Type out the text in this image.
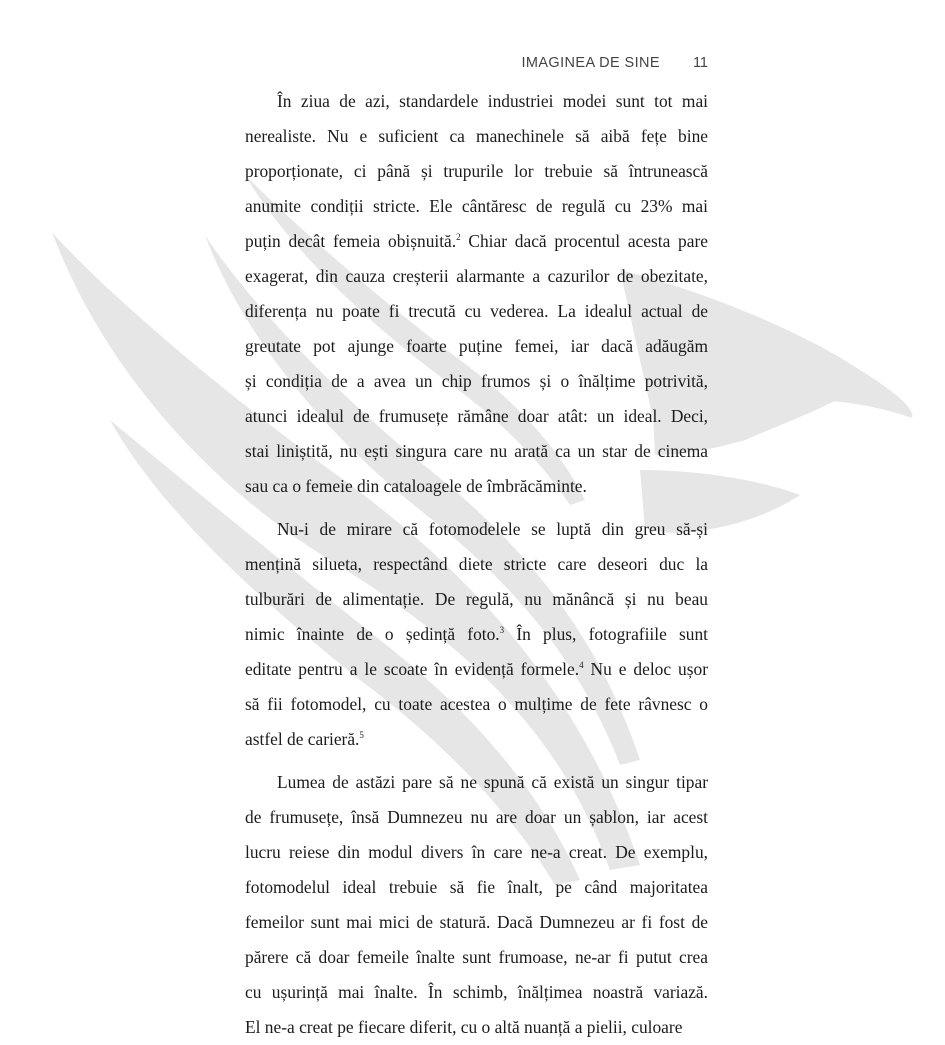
IMAGINEA DE SINE 11

În ziua de azi, standardele industriei modei sunt tot mai
nerealiste. Nu e suficient ca manechinele să aibă fețe bine
proporționate, ci până și trupurile lor trebuie să întrunească
anumite condiții stricte. Ele cântăresc de regulă cu 23% mai
puțin decât femeia obișnuită.$^2$ Chiar dacă procentul acesta pare
exagerat, din cauza creșterii alarmante a cazurilor de obezitate,
diferența nu poate fi trecută cu vederea. La idealul actual de
greutate pot ajunge foarte puține femei, iar dacă adăugăm
și condiția de a avea un chip frumos și o înălțime potrivită,
atunci idealul de frumusețe rămâne doar atât: un ideal. Deci,
stai liniștită, nu ești singura care nu arată ca un star de cinema
sau ca o femeie din cataloagele de îmbrăcăminte.

Nu-i de mirare că fotomodelele se luptă din greu să-și
mențină silueta, respectând diete stricte care deseori duc la
tulburări de alimentație. De regulă, nu mănâncă și nu beau
nimic înainte de o ședință foto.$^3$ În plus, fotografiile sunt
editate pentru a le scoate în evidență formele.$^4$ Nu e deloc ușor
să fii fotomodel, cu toate acestea o mulțime de fete râvnesc o
astfel de carieră.$^5$

Lumea de astăzi pare să ne spună că există un singur tipar
de frumusețe, însă Dumnezeu nu are doar un șablon, iar acest
lucru reiese din modul divers în care ne-a creat. De exemplu,
fotomodelul ideal trebuie să fie înalt, pe când majoritatea
femeilor sunt mai mici de statură. Dacă Dumnezeu ar fi fost de
părere că doar femeile înalte sunt frumoase, ne-ar fi putut crea
cu ușurință mai înalte. În schimb, înălțimea noastră variază.
El ne-a creat pe fiecare diferit, cu o altă nuanță a pielii, culoare
